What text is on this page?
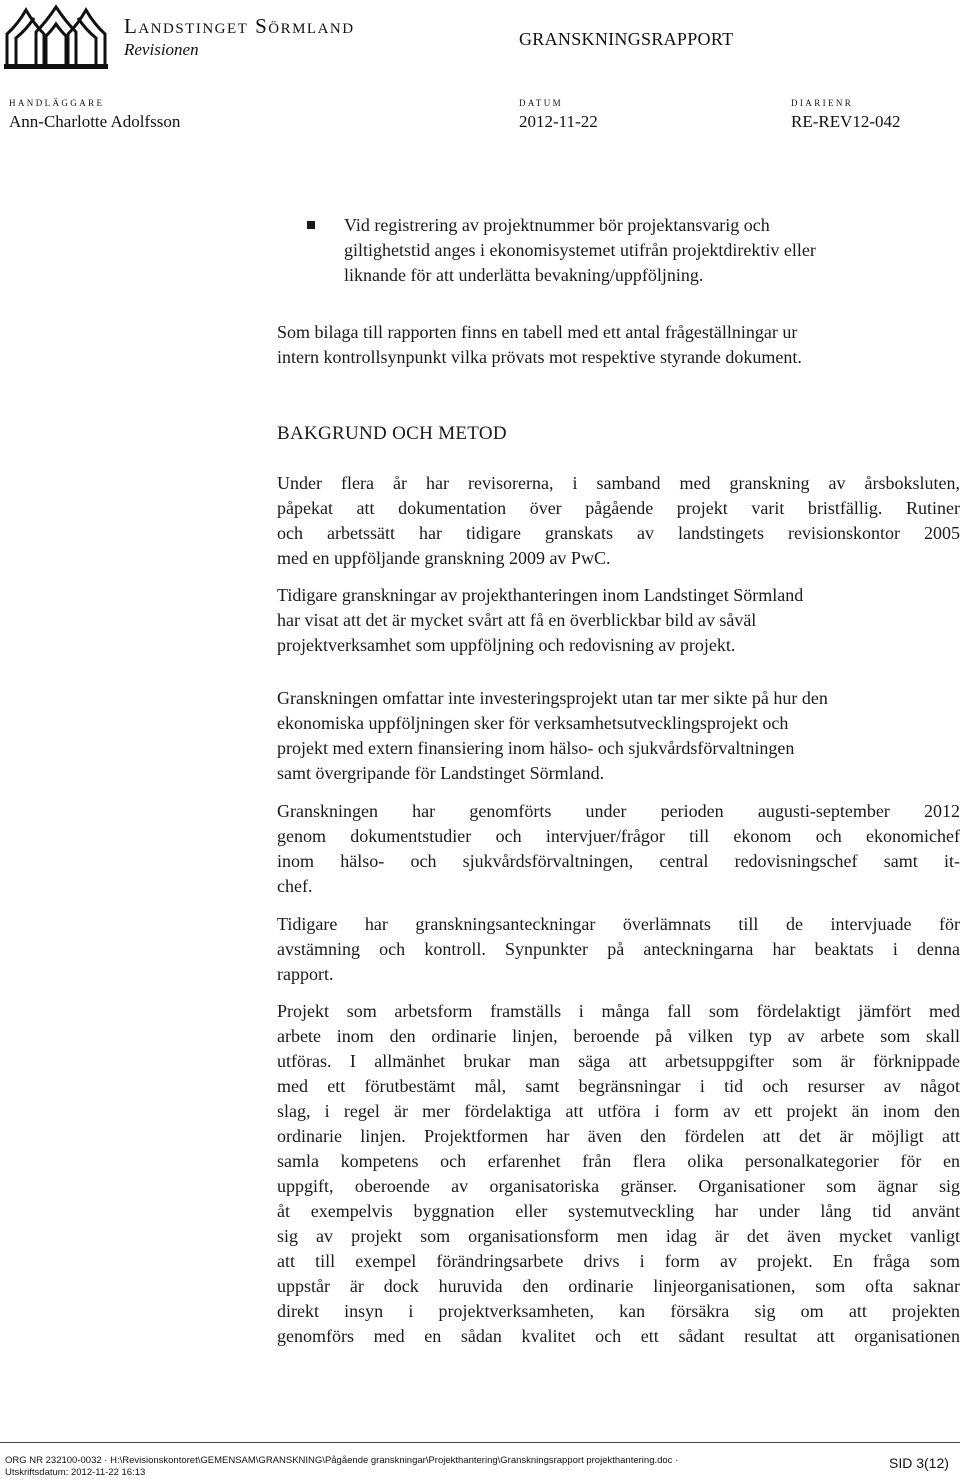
Landstinget Sörmland
Revisionen
GRANSKNINGSRAPPORT
HANDLÄGGARE
Ann-Charlotte Adolfsson
DATUM
2012-11-22
DIARIENR
RE-REV12-042
Vid registrering av projektnummer bör projektansvarig och
giltighetstid anges i ekonomisystemet utifrån projektdirektiv eller
liknande för att underlätta bevakning/uppföljning.

Som bilaga till rapporten finns en tabell med ett antal frågeställningar ur
intern kontrollsynpunkt vilka prövats mot respektive styrande dokument.

BAKGRUND OCH METOD

Under flera år har revisorerna, i samband med granskning av årsboksluten,
påpekat att dokumentation över pågående projekt varit bristfällig. Rutiner
och arbetssätt har tidigare granskats av landstingets revisionskontor 2005
med en uppföljande granskning 2009 av PwC.

Tidigare granskningar av projekthanteringen inom Landstinget Sörmland
har visat att det är mycket svårt att få en överblickbar bild av såväl
projektverksamhet som uppföljning och redovisning av projekt.

Granskningen omfattar inte investeringsprojekt utan tar mer sikte på hur den
ekonomiska uppföljningen sker för verksamhetsutvecklingsprojekt och
projekt med extern finansiering inom hälso- och sjukvårdsförvaltningen
samt övergripande för Landstinget Sörmland.

Granskningen har genomförts under perioden augusti-september 2012
genom dokumentstudier och intervjuer/frågor till ekonom och ekonomichef
inom hälso- och sjukvårdsförvaltningen, central redovisningschef samt it-
chef.

Tidigare har granskningsanteckningar överlämnats till de intervjuade för
avstämning och kontroll. Synpunkter på anteckningarna har beaktats i denna
rapport.

Projekt som arbetsform framställs i många fall som fördelaktigt jämfört med
arbete inom den ordinarie linjen, beroende på vilken typ av arbete som skall
utföras. I allmänhet brukar man säga att arbetsuppgifter som är förknippade
med ett förutbestämt mål, samt begränsningar i tid och resurser av något
slag, i regel är mer fördelaktiga att utföra i form av ett projekt än inom den
ordinarie linjen. Projektformen har även den fördelen att det är möjligt att
samla kompetens och erfarenhet från flera olika personalkategorier för en
uppgift, oberoende av organisatoriska gränser. Organisationer som ägnar sig
åt exempelvis byggnation eller systemutveckling har under lång tid använt
sig av projekt som organisationsform men idag är det även mycket vanligt
att till exempel förändringsarbete drivs i form av projekt. En fråga som
uppstår är dock huruvida den ordinarie linjeorganisationen, som ofta saknar
direkt insyn i projektverksamheten, kan försäkra sig om att projekten
genomförs med en sådan kvalitet och ett sådant resultat att organisationen

ORG NR 232100-0032 · H:\Revisionskontoret\GEMENSAM\GRANSKNING\Pågående granskningar\Projekthantering\Granskningsrapport projekthantering.doc ·
Utskriftsdatum: 2012-11-22 16:13
SID 3(12)
